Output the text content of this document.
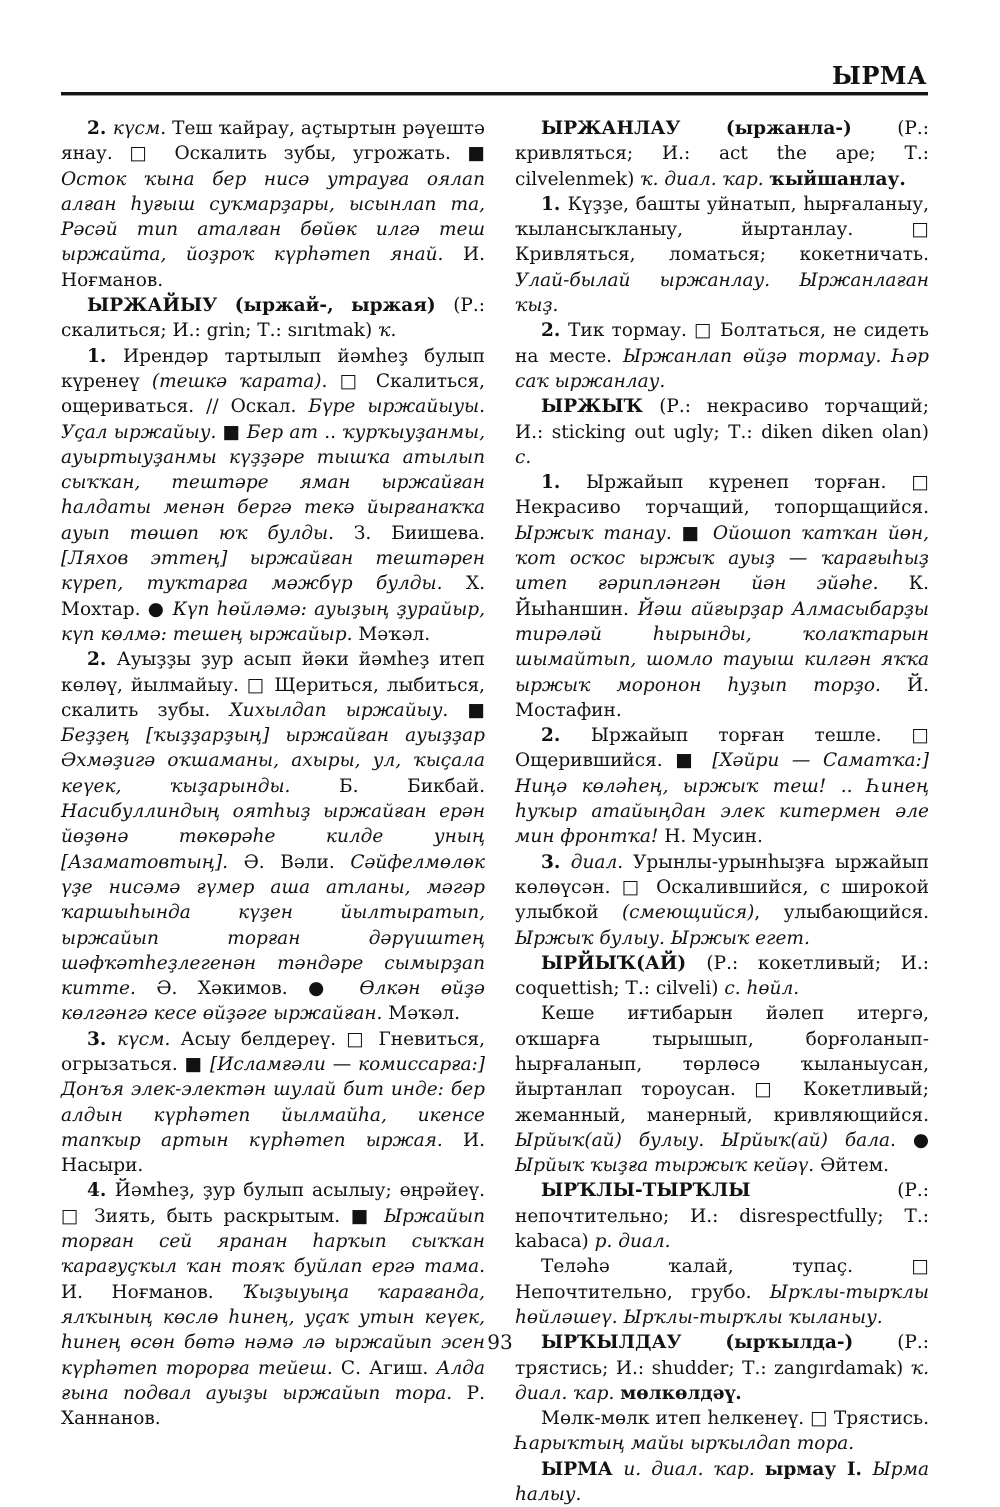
ЫРМА

2. күсм. Теш ҡайрау, аҫтыртын рәүештә янау. □ Оскалить зубы, угрожать. ■ Осток ҡына бер нисә утрауға оялап алған һуғыш суҡмарҙары, ысынлап та, Рәсәй тип аталған бөйөк илгә теш ыржайта, йоҙроҡ күрһәтеп янай. И. Ноғманов.

ЫРЖАЙЫУ (ыржай-, ыржая) (Р.: скалиться; И.: grin; Т.: sırıtmak) ҡ.

1. Ирендәр тартылып йәмһеҙ булып күренеү (тешкә ҡарата). □ Скалиться, ощериваться. // Оскал. Бүре ыржайыуы. Уҫал ыржайыу. ■ Бер ат .. ҡурҡыуҙанмы, ауыртыуҙанмы күҙҙәре тышҡа атылып сыҡҡан, тештәре яман ыржайған һалдаты менән бергә текә йырғанаҡҡа ауып төшөп юҡ булды. З. Биишева. [Ляхов эттең] ыржайған тештәрен күреп, туҡтарға мәжбүр булды. Х. Мохтар. ● Күп һөйләмә: ауыҙың ҙурайыр, күп көлмә: тешең ыржайыр. Мәҡәл.

2. Ауыҙҙы ҙур асып йәки йәмһеҙ итеп көлөү, йылмайыу. □ Щериться, лыбиться, скалить зубы. Хихылдап ыржайыу. ■ Беҙҙең [ҡыҙҙарҙың] ыржайған ауыҙҙар Әхмәҙигә оҡшаманы, ахыры, ул, ҡыҫала кеүек, ҡыҙарынды. Б. Бикбай. Насибуллиндың оятһыҙ ыржайған ерән йөҙөнә төкөрәһе килде уның [Азаматовтың]. Ә. Вәли. Сәйфелмөлөк үҙе нисәмә ғүмер аша атланы, мәгәр ҡаршыһында күҙен йылтыратып, ыржайып торған дәрүиштең шәфҡәтһеҙлегенән тәндәре сымырҙап китте. Ә. Хәкимов. ● Өлкән өйҙә көлгәнгә кесе өйҙәге ыржайған. Мәҡәл.

3. күсм. Асыу белдереү. □ Гневиться, огрызаться. ■ [Исламғәли — комиссарға:] Донъя элек-электән шулай бит инде: бер алдын күрһәтеп йылмайһа, икенсе тапҡыр артын күрһәтеп ыржая. И. Насыри.

4. Йәмһеҙ, ҙур булып асылыу; өңрәйеү. □ Зиять, быть раскрытым. ■ Ыржайып торған сей яранан һарҡып сыҡҡан ҡарағуҫҡыл ҡан тояҡ буйлап ергә тама. И. Ноғманов. Ҡыҙыуыңа ҡарағанда, ялҡының көслө һинең, уҫаҡ утын кеүек, һинең өсөн бөтә нәмә лә ыржайып эсен күрһәтеп торорға тейеш. С. Агиш. Алда ғына подвал ауыҙы ыржайып тора. Р. Ханнанов.

ЫРЖАНЛАУ (ыржанла-) (Р.: кривляться; И.: act the ape; Т.: cilvelenmek) ҡ. диал. ҡар. ҡыйшанлау.

1. Күҙҙе, башты уйнатып, һырғаланыу, ҡылансыҡланыу, йыртанлау. □ Кривляться, ломаться; кокетничать. Улай-былай ыржанлау. Ыржанлаған ҡыҙ.

2. Тик тормау. □ Болтаться, не сидеть на месте. Ыржанлап өйҙә тормау. Һәр саҡ ыржанлау.

ЫРЖЫҠ (Р.: некрасиво торчащий; И.: sticking out ugly; Т.: diken diken olan) с.

1. Ыржайып күренеп торған. □ Некрасиво торчащий, топорщащийся. Ыржыҡ танау. ■ Ойошоп ҡатҡан йөн, ҡот осҡос ыржыҡ ауыҙ — ҡарағыһыҙ итеп ғәрипләнгән йән эйәһе. К. Йыһаншин. Йәш айғырҙар Алмасыбарҙы тирәләй һырынды, ҡолаҡтарын шымайтып, шомло тауыш килгән яҡҡа ыржыҡ моронон һуҙып торҙо. Й. Мостафин.

2. Ыржайып торған тешле. □ Ощерившийся. ■ [Хәйри — Саматҡа:] Ниңә көләһең, ыржыҡ теш! .. Һинең һуҡыр атайыңдан элек китермен әле мин фронтҡа! Н. Мусин.

3. диал. Урынлы-урынһыҙға ыржайып көлөүсән. □ Оскалившийся, с широкой улыбкой (смеющийся), улыбающийся. Ыржыҡ булыу. Ыржыҡ егет.

ЫРЙЫҠ(АЙ) (Р.: кокетливый; И.: coquettish; Т.: cilveli) с. һөйл.

Кеше иғтибарын йәлеп итергә, оҡшарға тырышып, борғоланып-һырғаланып, төрлөсә ҡыланыусан, йыртанлап тороусан. □ Кокетливый; жеманный, манерный, кривляющийся. Ырйыҡ(ай) булыу. Ырйыҡ(ай) бала. ● Ырйыҡ ҡыҙға тыржыҡ кейәү. Әйтем.

ЫРҠЛЫ-ТЫРҠЛЫ (Р.: непочтительно; И.: disrespectfully; Т.: kabaca) р. диал.

Теләһә ҡалай, тупаҫ. □ Непочтительно, грубо. Ырҡлы-тырҡлы һөйләшеү. Ырҡлы-тырҡлы ҡыланыу.

ЫРҠЫЛДАУ (ырҡылда-) (Р.: трястись; И.: shudder; Т.: zangırdamak) ҡ. диал. ҡар. мөлкөлдәү.

Мөлк-мөлк итеп һелкенеү. □ Трястись. Һарыҡтың майы ырҡылдап тора.

ЫРМА и. диал. ҡар. ырмау I. Ырма һалыу.

93
